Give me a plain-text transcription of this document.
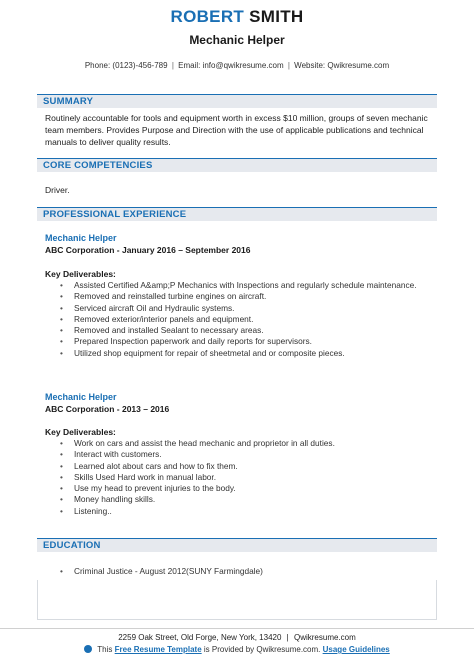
ROBERT SMITH
Mechanic Helper
Phone: (0123)-456-789 | Email: info@qwikresume.com | Website: Qwikresume.com
SUMMARY
Routinely accountable for tools and equipment worth in excess $10 million, groups of seven mechanic team members. Provides Purpose and Direction with the use of applicable publications and technical manuals to deliver quality results.
CORE COMPETENCIES
Driver.
PROFESSIONAL EXPERIENCE
Mechanic Helper
ABC Corporation - January 2016 – September 2016
Key Deliverables:
• Assisted Certified A&amp;P Mechanics with Inspections and regularly schedule maintenance.
• Removed and reinstalled turbine engines on aircraft.
• Serviced aircraft Oil and Hydraulic systems.
• Removed exterior/interior panels and equipment.
• Removed and installed Sealant to necessary areas.
• Prepared Inspection paperwork and daily reports for supervisors.
• Utilized shop equipment for repair of sheetmetal and or composite pieces.
Mechanic Helper
ABC Corporation - 2013 – 2016
Key Deliverables:
• Work on cars and assist the head mechanic and proprietor in all duties.
• Interact with customers.
• Learned alot about cars and how to fix them.
• Skills Used Hard work in manual labor.
• Use my head to prevent injuries to the body.
• Money handling skills.
• Listening..
EDUCATION
• Criminal Justice - August 2012(SUNY Farmingdale)
2259 Oak Street, Old Forge, New York, 13420 | Qwikresume.com
This Free Resume Template is Provided by Qwikresume.com. Usage Guidelines
